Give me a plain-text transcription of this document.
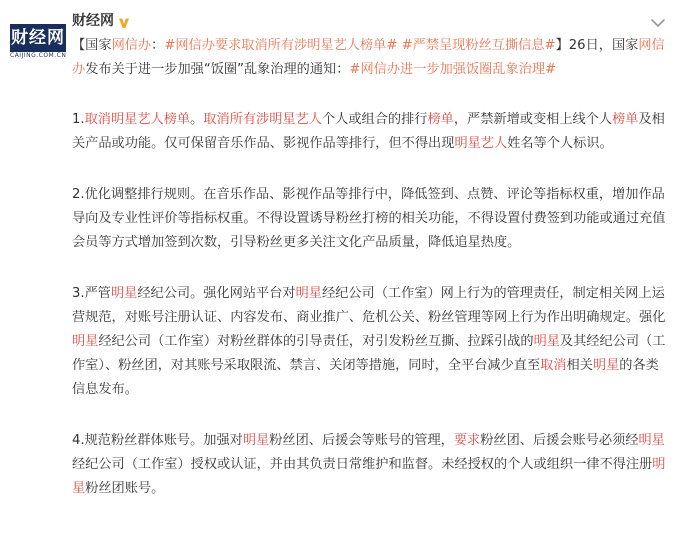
财经网
CAIJING.COM.CN
财经网

【国家网信办：#网信办要求取消所有涉明星艺人榜单# #严禁呈现粉丝互撕信息#】26日，国家网信办发布关于进一步加强“饭圈”乱象治理的通知：#网信办进一步加强饭圈乱象治理#

1.取消明星艺人榜单。取消所有涉明星艺人个人或组合的排行榜单，严禁新增或变相上线个人榜单及相关产品或功能。仅可保留音乐作品、影视作品等排行，但不得出现明星艺人姓名等个人标识。

2.优化调整排行规则。在音乐作品、影视作品等排行中，降低签到、点赞、评论等指标权重，增加作品导向及专业性评价等指标权重。不得设置诱导粉丝打榜的相关功能，不得设置付费签到功能或通过充值会员等方式增加签到次数，引导粉丝更多关注文化产品质量，降低追星热度。

3.严管明星经纪公司。强化网站平台对明星经纪公司（工作室）网上行为的管理责任，制定相关网上运营规范，对账号注册认证、内容发布、商业推广、危机公关、粉丝管理等网上行为作出明确规定。强化明星经纪公司（工作室）对粉丝群体的引导责任，对引发粉丝互撕、拉踩引战的明星及其经纪公司（工作室）、粉丝团，对其账号采取限流、禁言、关闭等措施，同时，全平台减少直至取消相关明星的各类信息发布。

4.规范粉丝群体账号。加强对明星粉丝团、后援会等账号的管理，要求粉丝团、后援会账号必须经明星经纪公司（工作室）授权或认证，并由其负责日常维护和监督。未经授权的个人或组织一律不得注册明星粉丝团账号。
